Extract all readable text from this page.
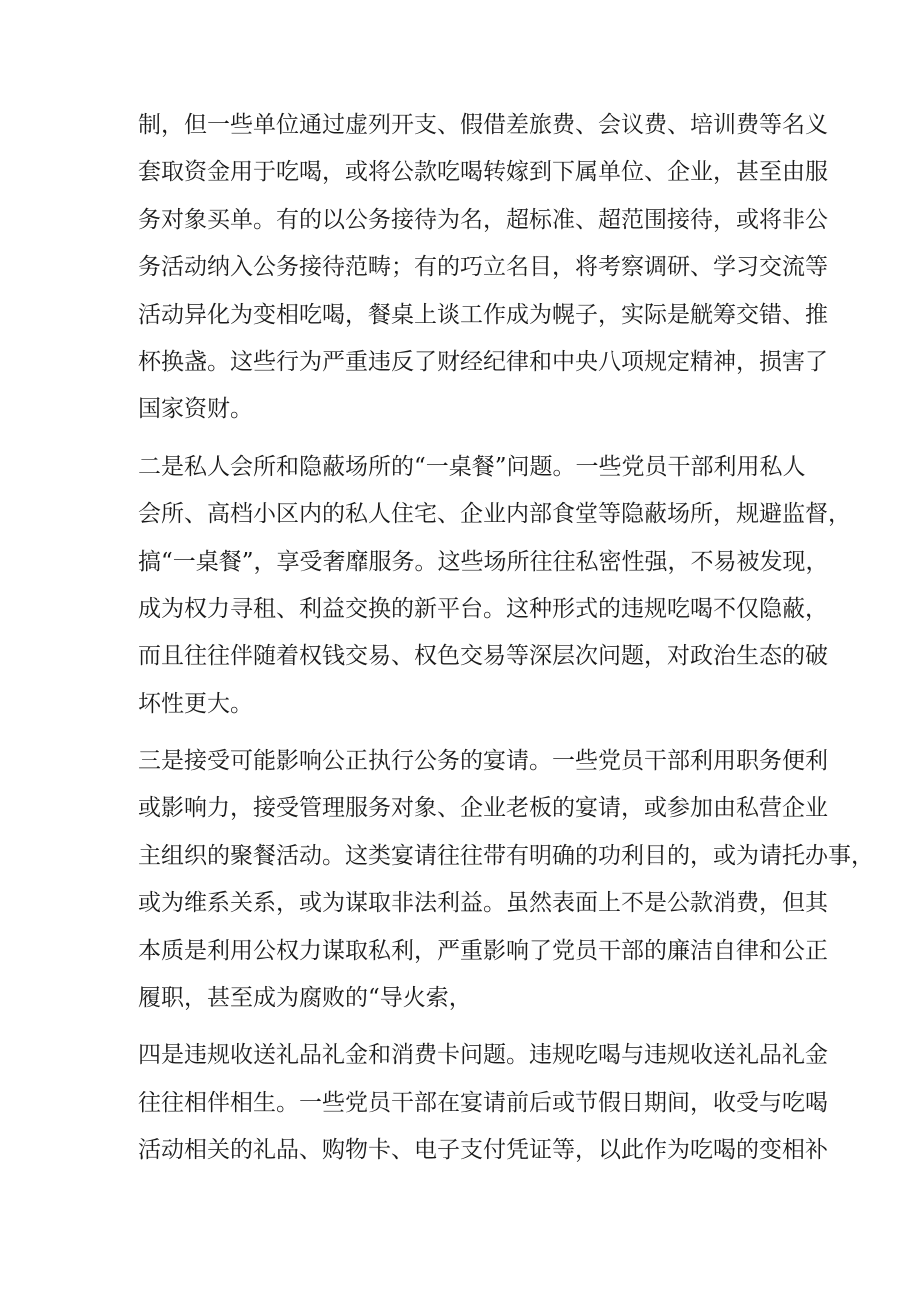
制，但一些单位通过虚列开支、假借差旅费、会议费、培训费等名义
套取资金用于吃喝，或将公款吃喝转嫁到下属单位、企业，甚至由服
务对象买单。有的以公务接待为名，超标准、超范围接待，或将非公
务活动纳入公务接待范畴；有的巧立名目，将考察调研、学习交流等
活动异化为变相吃喝，餐桌上谈工作成为幌子，实际是觥筹交错、推
杯换盏。这些行为严重违反了财经纪律和中央八项规定精神，损害了
国家资财。

二是私人会所和隐蔽场所的“一桌餐”问题。一些党员干部利用私人
会所、高档小区内的私人住宅、企业内部食堂等隐蔽场所，规避监督，
搞“一桌餐”，享受奢靡服务。这些场所往往私密性强，不易被发现，
成为权力寻租、利益交换的新平台。这种形式的违规吃喝不仅隐蔽，
而且往往伴随着权钱交易、权色交易等深层次问题，对政治生态的破
坏性更大。

三是接受可能影响公正执行公务的宴请。一些党员干部利用职务便利
或影响力，接受管理服务对象、企业老板的宴请，或参加由私营企业
主组织的聚餐活动。这类宴请往往带有明确的功利目的，或为请托办事，
或为维系关系，或为谋取非法利益。虽然表面上不是公款消费，但其
本质是利用公权力谋取私利，严重影响了党员干部的廉洁自律和公正
履职，甚至成为腐败的“导火索，

四是违规收送礼品礼金和消费卡问题。违规吃喝与违规收送礼品礼金
往往相伴相生。一些党员干部在宴请前后或节假日期间，收受与吃喝
活动相关的礼品、购物卡、电子支付凭证等，以此作为吃喝的变相补
